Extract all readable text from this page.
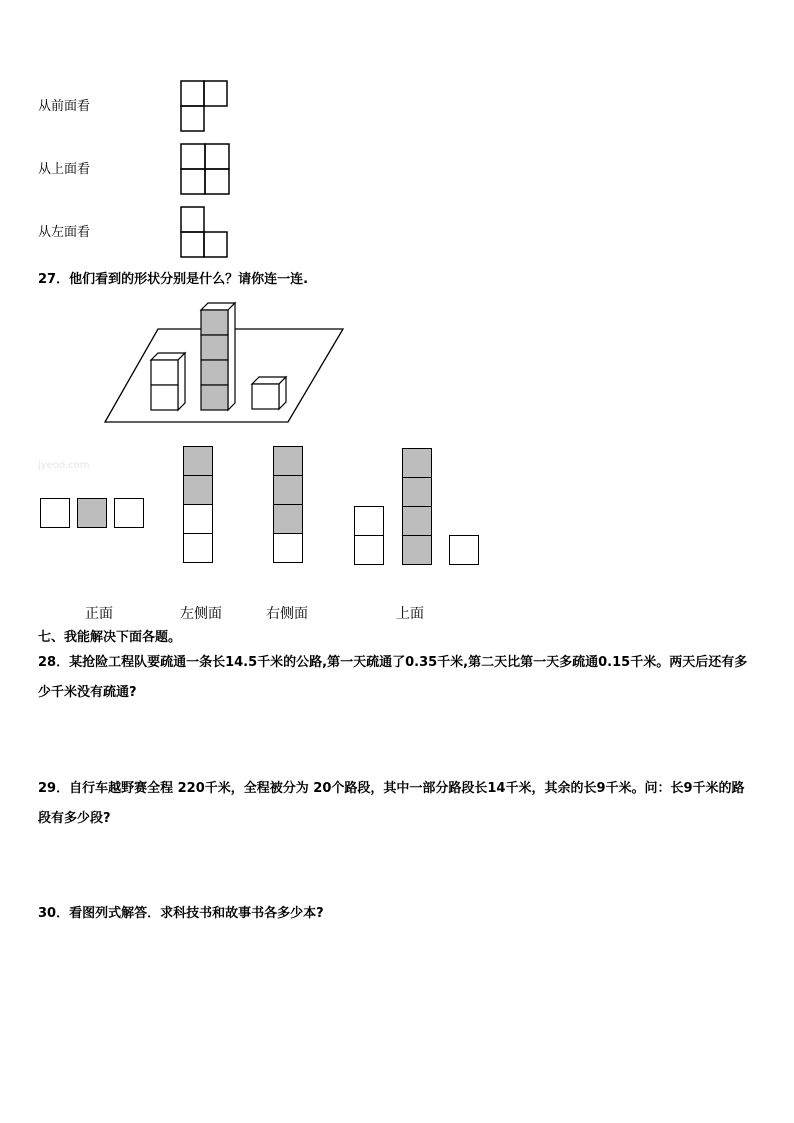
从前面看
从上面看
从左面看
27．他们看到的形状分别是什么？请你连一连.
jyeoo.com
正面	左侧面	右侧面	上面
七、我能解决下面各题。
28．某抢险工程队要疏通一条长14.5千米的公路,第一天疏通了0.35千米,第二天比第一天多疏通0.15千米。两天后还有多少千米没有疏通?
29．自行车越野赛全程 220千米，全程被分为 20个路段，其中一部分路段长14千米，其余的长9千米。问：长9千米的路段有多少段?
30．看图列式解答．求科技书和故事书各多少本?
